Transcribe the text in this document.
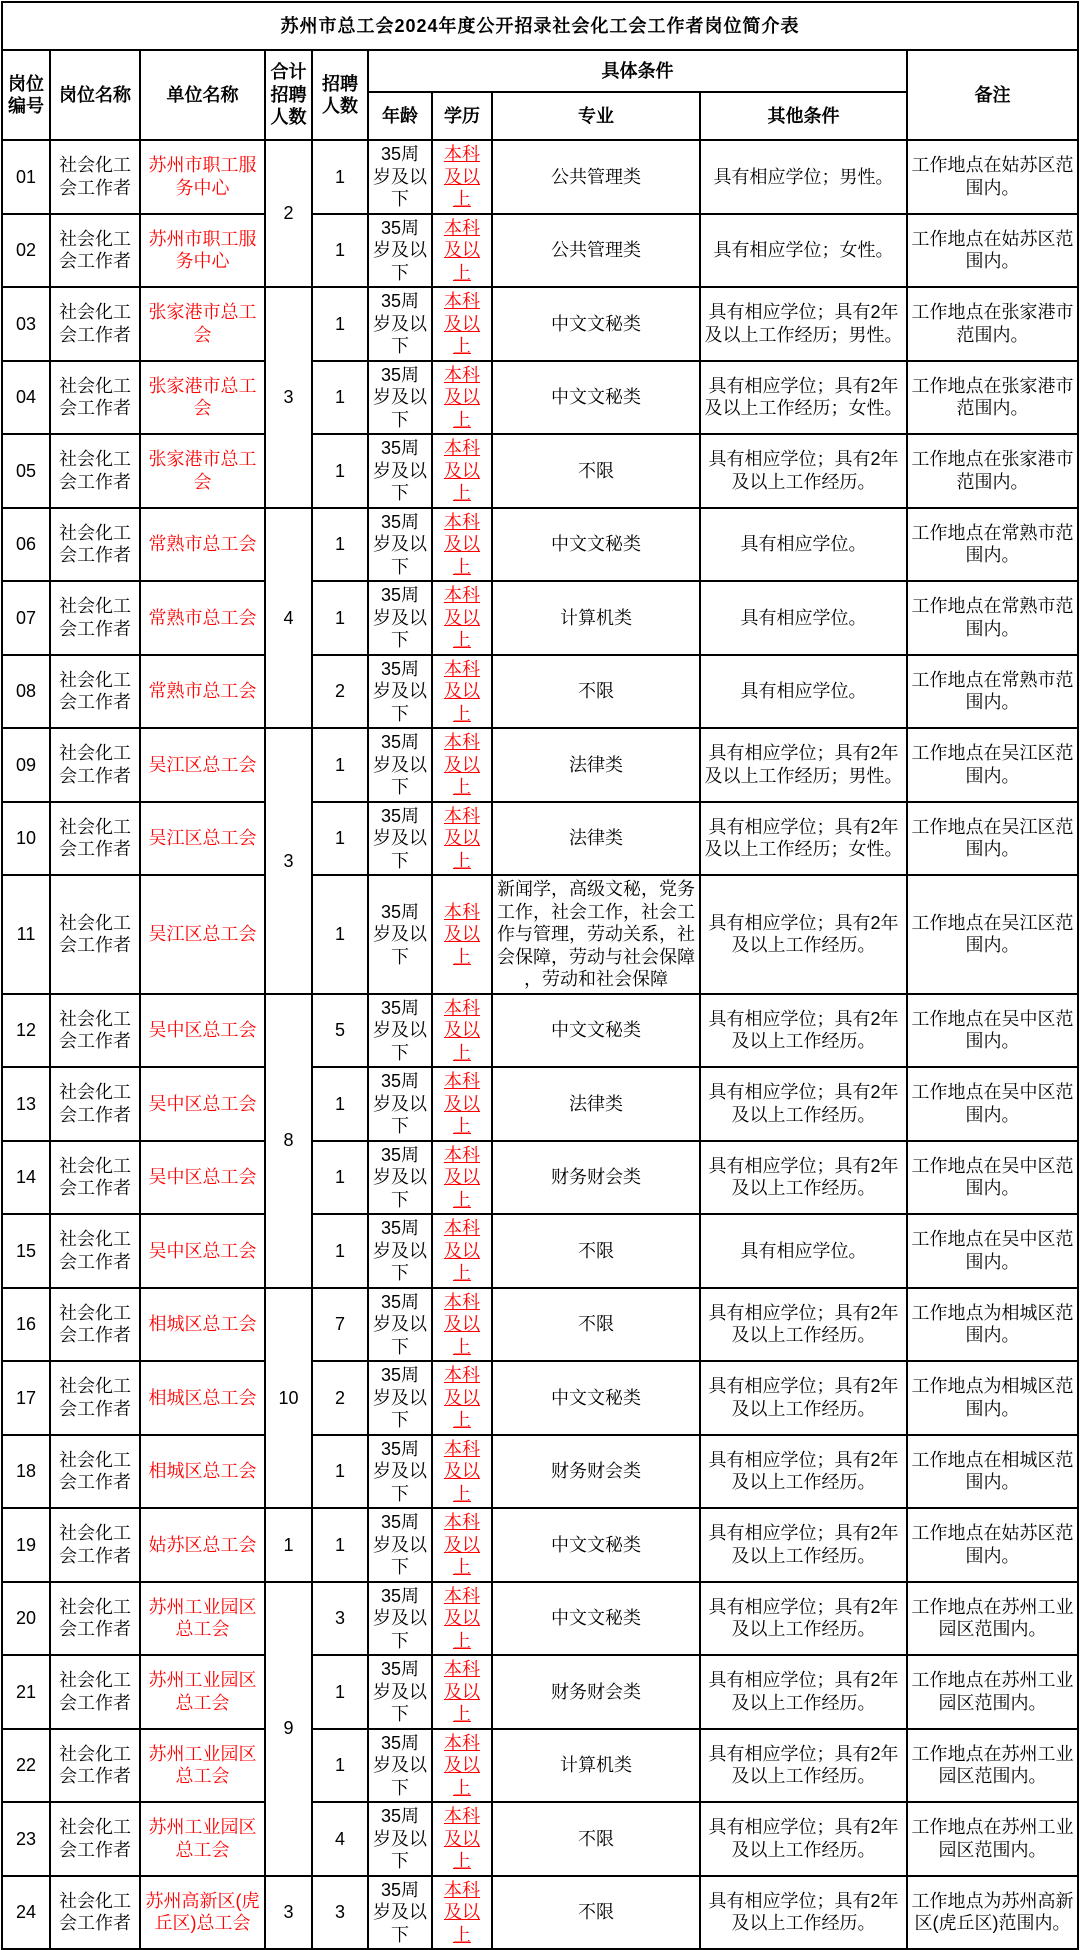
苏州市总工会2024年度公开招录社会化工会工作者岗位简介表									
岗位编号	岗位名称	单位名称	合计招聘人数	招聘人数	具体条件				备注
					年龄	学历	专业	其他条件	
01	社会化工会工作者	苏州市职工服务中心	2	1	35周岁及以下	本科及以上	公共管理类	具有相应学位；男性。	工作地点在姑苏区范围内。
02	社会化工会工作者	苏州市职工服务中心		1	35周岁及以下	本科及以上	公共管理类	具有相应学位；女性。	工作地点在姑苏区范围内。
03	社会化工会工作者	张家港市总工会	3	1	35周岁及以下	本科及以上	中文文秘类	具有相应学位；具有2年及以上工作经历；男性。	工作地点在张家港市范围内。
04	社会化工会工作者	张家港市总工会		1	35周岁及以下	本科及以上	中文文秘类	具有相应学位；具有2年及以上工作经历；女性。	工作地点在张家港市范围内。
05	社会化工会工作者	张家港市总工会		1	35周岁及以下	本科及以上	不限	具有相应学位；具有2年及以上工作经历。	工作地点在张家港市范围内。
06	社会化工会工作者	常熟市总工会	4	1	35周岁及以下	本科及以上	中文文秘类	具有相应学位。	工作地点在常熟市范围内。
07	社会化工会工作者	常熟市总工会		1	35周岁及以下	本科及以上	计算机类	具有相应学位。	工作地点在常熟市范围内。
08	社会化工会工作者	常熟市总工会		2	35周岁及以下	本科及以上	不限	具有相应学位。	工作地点在常熟市范围内。
09	社会化工会工作者	吴江区总工会	3	1	35周岁及以下	本科及以上	法律类	具有相应学位；具有2年及以上工作经历；男性。	工作地点在吴江区范围内。
10	社会化工会工作者	吴江区总工会		1	35周岁及以下	本科及以上	法律类	具有相应学位；具有2年及以上工作经历；女性。	工作地点在吴江区范围内。
11	社会化工会工作者	吴江区总工会		1	35周岁及以下	本科及以上	新闻学，高级文秘，党务工作，社会工作，社会工作与管理，劳动关系，社会保障，劳动与社会保障，劳动和社会保障	具有相应学位；具有2年及以上工作经历。	工作地点在吴江区范围内。
12	社会化工会工作者	吴中区总工会	8	5	35周岁及以下	本科及以上	中文文秘类	具有相应学位；具有2年及以上工作经历。	工作地点在吴中区范围内。
13	社会化工会工作者	吴中区总工会		1	35周岁及以下	本科及以上	法律类	具有相应学位；具有2年及以上工作经历。	工作地点在吴中区范围内。
14	社会化工会工作者	吴中区总工会		1	35周岁及以下	本科及以上	财务财会类	具有相应学位；具有2年及以上工作经历。	工作地点在吴中区范围内。
15	社会化工会工作者	吴中区总工会		1	35周岁及以下	本科及以上	不限	具有相应学位。	工作地点在吴中区范围内。
16	社会化工会工作者	相城区总工会	10	7	35周岁及以下	本科及以上	不限	具有相应学位；具有2年及以上工作经历。	工作地点为相城区范围内。
17	社会化工会工作者	相城区总工会		2	35周岁及以下	本科及以上	中文文秘类	具有相应学位；具有2年及以上工作经历。	工作地点为相城区范围内。
18	社会化工会工作者	相城区总工会		1	35周岁及以下	本科及以上	财务财会类	具有相应学位；具有2年及以上工作经历。	工作地点在相城区范围内。
19	社会化工会工作者	姑苏区总工会	1	1	35周岁及以下	本科及以上	中文文秘类	具有相应学位；具有2年及以上工作经历。	工作地点在姑苏区范围内。
20	社会化工会工作者	苏州工业园区总工会	9	3	35周岁及以下	本科及以上	中文文秘类	具有相应学位；具有2年及以上工作经历。	工作地点在苏州工业园区范围内。
21	社会化工会工作者	苏州工业园区总工会		1	35周岁及以下	本科及以上	财务财会类	具有相应学位；具有2年及以上工作经历。	工作地点在苏州工业园区范围内。
22	社会化工会工作者	苏州工业园区总工会		1	35周岁及以下	本科及以上	计算机类	具有相应学位；具有2年及以上工作经历。	工作地点在苏州工业园区范围内。
23	社会化工会工作者	苏州工业园区总工会		4	35周岁及以下	本科及以上	不限	具有相应学位；具有2年及以上工作经历。	工作地点在苏州工业园区范围内。
24	社会化工会工作者	苏州高新区(虎丘区)总工会	3	3	35周岁及以下	本科及以上	不限	具有相应学位；具有2年及以上工作经历。	工作地点为苏州高新区(虎丘区)范围内。
